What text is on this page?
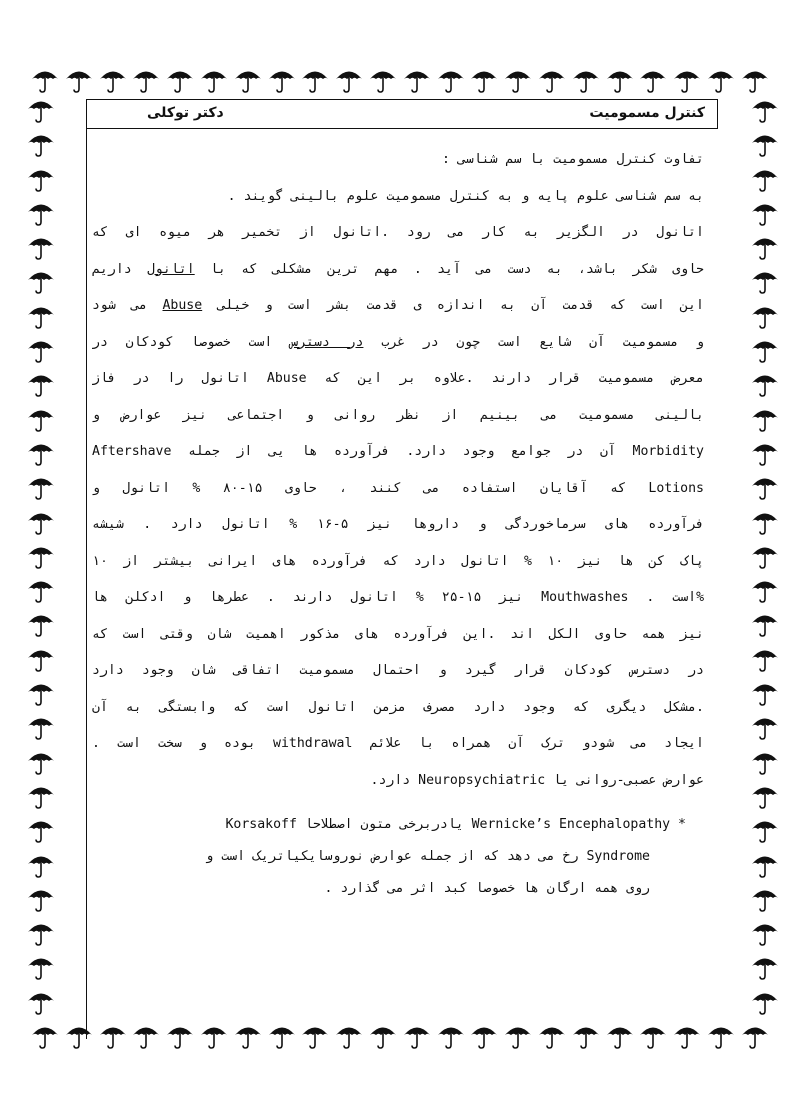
کنترل مسمومیت
دکتر توکلی
تفاوت کنترل مسمومیت با سم شناسی :
به سم شناسی علوم پایه و به کنترل مسمومیت علوم بالینی گویند .
اتانول در الگزیر به کار می رود .اتانول از تخمیر هر میوه ای که
حاوی شکر باشد، به دست می آید . مهم ترین مشکلی که با اتانول داریم
این است که قدمت آن به اندازه ی قدمت بشر است و خیلی Abuse می شود
و مسمومیت آن شایع است چون در غرب در دسترس است خصوصا کودکان در
معرض مسمومیت قرار دارند .علاوه بر این که Abuse اتانول را در فاز
بالینی مسمومیت می بینیم از نظر روانی و اجتماعی نیز عوارض و
Morbidity آن در جوامع وجود دارد. فرآورده ها یی از جمله Aftershave
Lotions که آقایان استفاده می کنند ، حاوی ۱۵-۸۰ % اتانول و
فرآورده های سرماخوردگی و داروها نیز ۵-۱۶ % اتانول دارد . شیشه
پاک کن ها نیز ۱۰ % اتانول دارد که فرآورده های ایرانی بیشتر از ۱۰
%است . Mouthwashes نیز ۱۵-۲۵ % اتانول دارند . عطرها و ادکلن ها
نیز همه حاوی الکل اند .این فرآورده های مذکور اهمیت شان وقتی است که
در دسترس کودکان قرار گیرد و احتمال مسمومیت اتفاقی شان وجود دارد
.مشکل دیگری که وجود دارد مصرف مزمن اتانول است که وابستگی به آن
ایجاد می شودو ترک آن همراه با علائم withdrawal بوده و سخت است .
عوارض عصبی-روانی یا Neuropsychiatric دارد.
* Wernicke’s Encephalopathy یادربرخی متون اصطلاحا Korsakoff
Syndrome رخ می دهد که از جمله عوارض نوروسایکیاتریک است و
روی همه ارگان ها خصوصا کبد اثر می گذارد .
